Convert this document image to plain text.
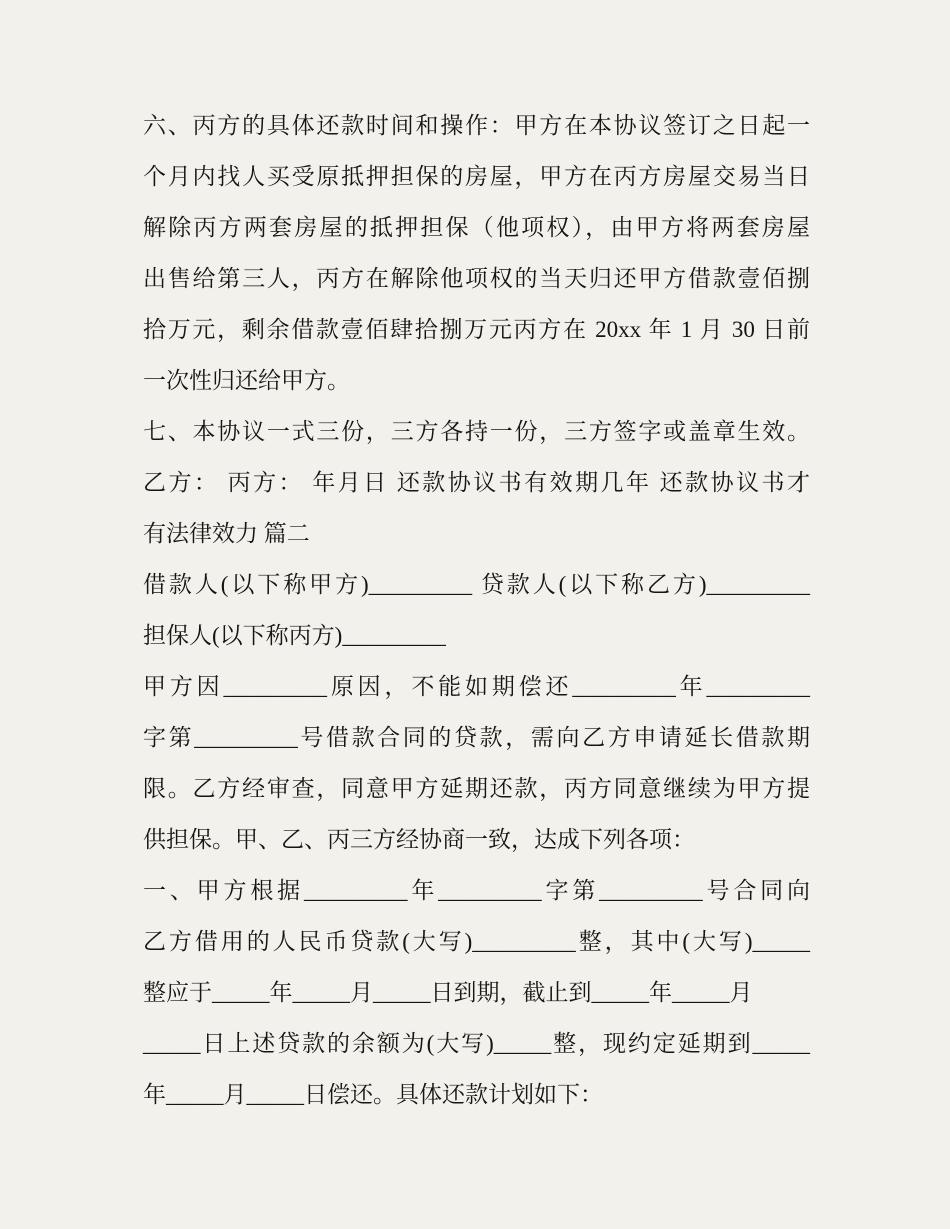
六、丙方的具体还款时间和操作：甲方在本协议签订之日起一
个月内找人买受原抵押担保的房屋，甲方在丙方房屋交易当日
解除丙方两套房屋的抵押担保（他项权），由甲方将两套房屋
出售给第三人，丙方在解除他项权的当天归还甲方借款壹佰捌
拾万元，剩余借款壹佰肆拾捌万元丙方在 20xx 年 1 月 30 日前
一次性归还给甲方。
七、本协议一式三份，三方各持一份，三方签字或盖章生效。
乙方： 丙方： 年月日 还款协议书有效期几年 还款协议书才
有法律效力 篇二
借款人(以下称甲方)_________ 贷款人(以下称乙方)_________
担保人(以下称丙方)_________
甲方因_________原因，不能如期偿还_________年_________
字第_________号借款合同的贷款，需向乙方申请延长借款期
限。乙方经审查，同意甲方延期还款，丙方同意继续为甲方提
供担保。甲、乙、丙三方经协商一致，达成下列各项：
一、甲方根据_________年_________字第_________号合同向
乙方借用的人民币贷款(大写)_________整，其中(大写)_____
整应于_____年_____月_____日到期，截止到_____年_____月
_____日上述贷款的余额为(大写)_____整，现约定延期到_____
年_____月_____日偿还。具体还款计划如下：
